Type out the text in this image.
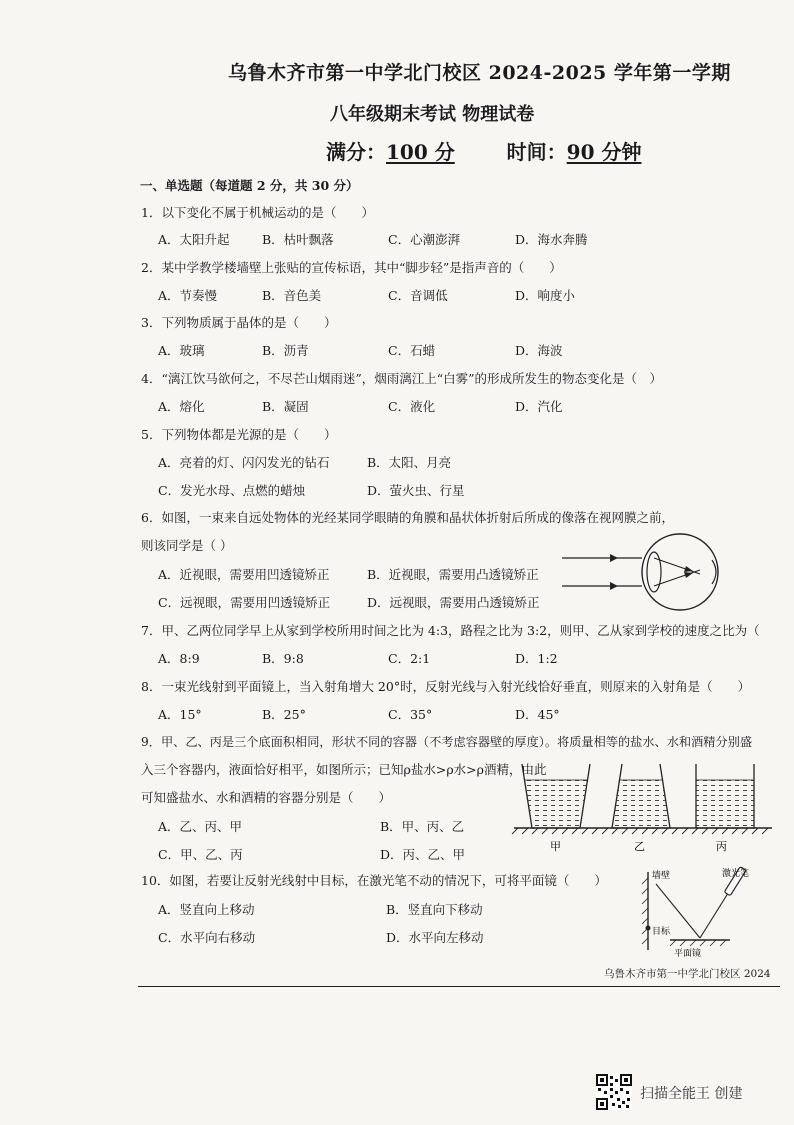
乌鲁木齐市第一中学北门校区 2024-2025 学年第一学期
八年级期末考试 物理试卷
满分：100 分	时间：90 分钟
一、单选题（每道题 2 分，共 30 分）
1．以下变化不属于机械运动的是（　　）
A．太阳升起	B．枯叶飘落	C．心潮澎湃	D．海水奔腾
2．某中学教学楼墙壁上张贴的宣传标语，其中“脚步轻”是指声音的（　　）
A．节奏慢	B．音色美	C．音调低	D．响度小
3．下列物质属于晶体的是（　　）
A．玻璃	B．沥青	C．石蜡	D．海波
4．“漓江饮马欲何之，不尽芒山烟雨迷”，烟雨漓江上“白雾”的形成所发生的物态变化是（　）
A．熔化	B．凝固	C．液化	D．汽化
5．下列物体都是光源的是（　　）
A．亮着的灯、闪闪发光的钻石	B．太阳、月亮
C．发光水母、点燃的蜡烛	D．萤火虫、行星
6．如图，一束来自远处物体的光经某同学眼睛的角膜和晶状体折射后所成的像落在视网膜之前，
则该同学是（ ）
A．近视眼，需要用凹透镜矫正	B．近视眼，需要用凸透镜矫正
C．远视眼，需要用凹透镜矫正	D．远视眼，需要用凸透镜矫正
7．甲、乙两位同学早上从家到学校所用时间之比为 4:3，路程之比为 3:2，则甲、乙从家到学校的速度之比为（
A．8:9	B．9:8	C．2:1	D．1:2
8．一束光线射到平面镜上，当入射角增大 20°时，反射光线与入射光线恰好垂直，则原来的入射角是（　　）
A．15°	B．25°	C．35°	D．45°
9．甲、乙、丙是三个底面积相同，形状不同的容器（不考虑容器壁的厚度）。将质量相等的盐水、水和酒精分别盛
入三个容器内，液面恰好相平，如图所示；已知ρ盐水>ρ水>ρ酒精，由此
可知盛盐水、水和酒精的容器分别是（　　）
A．乙、丙、甲	B．甲、丙、乙
C．甲、乙、丙	D．丙、乙、甲
甲	乙	丙
10．如图，若要让反射光线射中目标，在激光笔不动的情况下，可将平面镜（　　）
A．竖直向上移动	B．竖直向下移动
C．水平向右移动	D．水平向左移动
墙壁	激光笔
目标
平面镜
乌鲁木齐市第一中学北门校区 2024
扫描全能王 创建
